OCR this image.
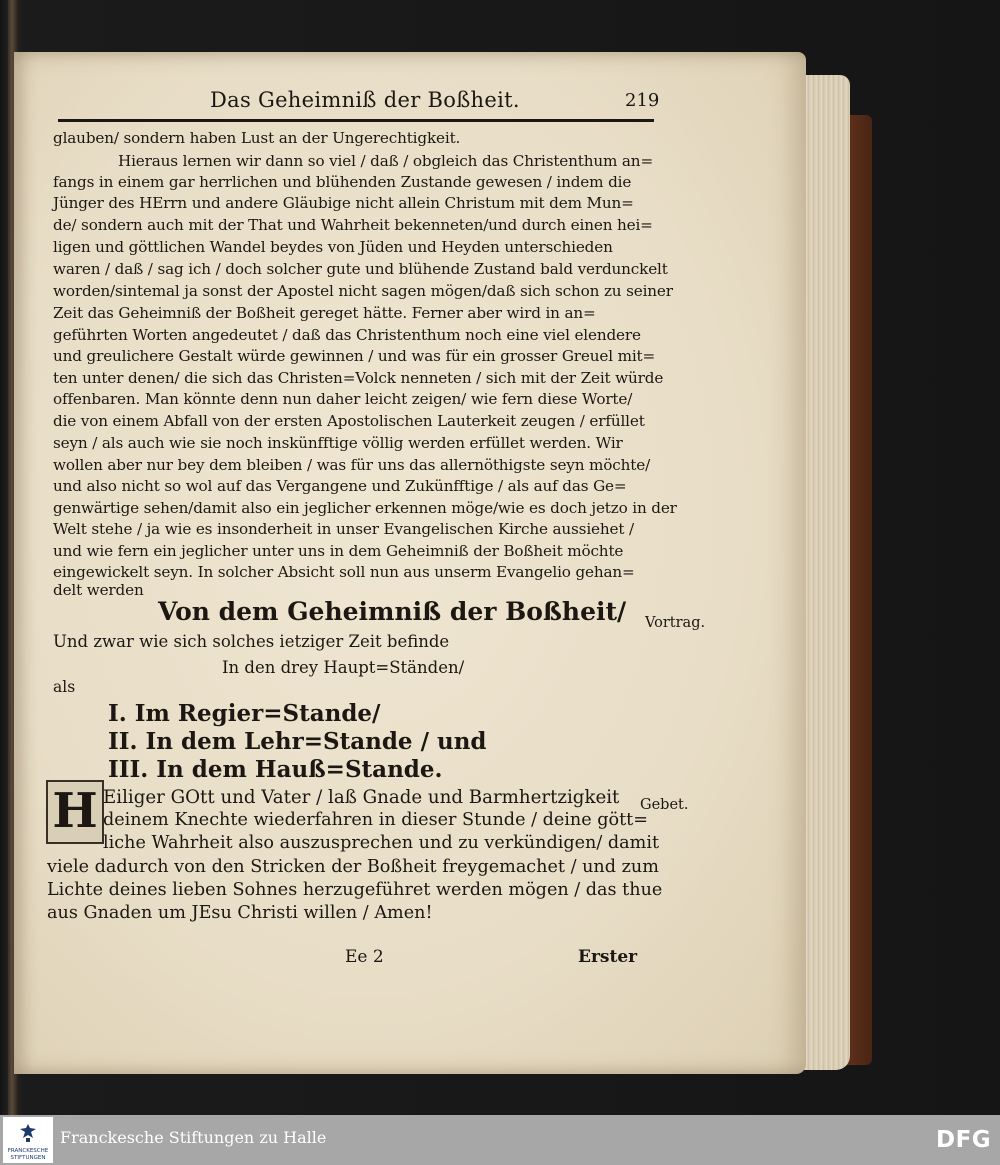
Das Geheimniß der Boßheit.	219
glauben/ sondern haben Lust an der Ungerechtigkeit.
Hieraus lernen wir dann so viel / daß / obgleich das Christenthum an=
fangs in einem gar herrlichen und blühenden Zustande gewesen / indem die
Jünger des HErrn und andere Gläubige nicht allein Christum mit dem Mun=
de/ sondern auch mit der That und Wahrheit bekenneten/und durch einen hei=
ligen und göttlichen Wandel beydes von Jüden und Heyden unterschieden
waren / daß / sag ich / doch solcher gute und blühende Zustand bald verdunckelt
worden/sintemal ja sonst der Apostel nicht sagen mögen/daß sich schon zu seiner
Zeit das Geheimniß der Boßheit gereget hätte. Ferner aber wird in an=
geführten Worten angedeutet / daß das Christenthum noch eine viel elendere
und greulichere Gestalt würde gewinnen / und was für ein grosser Greuel mit=
ten unter denen/ die sich das Christen=Volck nenneten / sich mit der Zeit würde
offenbaren. Man könnte denn nun daher leicht zeigen/ wie fern diese Worte/
die von einem Abfall von der ersten Apostolischen Lauterkeit zeugen / erfüllet
seyn / als auch wie sie noch inskünfftige völlig werden erfüllet werden. Wir
wollen aber nur bey dem bleiben / was für uns das allernöthigste seyn möchte/
und also nicht so wol auf das Vergangene und Zukünfftige / als auf das Ge=
genwärtige sehen/damit also ein jeglicher erkennen möge/wie es doch jetzo in der
Welt stehe / ja wie es insonderheit in unser Evangelischen Kirche aussiehet /
und wie fern ein jeglicher unter uns in dem Geheimniß der Boßheit möchte
eingewickelt seyn. In solcher Absicht soll nun aus unserm Evangelio gehan=
delt werden
Von dem Geheimniß der Boßheit/ Vortrag.
Und zwar wie sich solches ietziger Zeit befinde
In den drey Haupt=Ständen/
als
I. Im Regier=Stande/
II. In dem Lehr=Stande / und
III. In dem Hauß=Stande.
H	Gebet.
Eiliger GOtt und Vater / laß Gnade und Barmhertzigkeit
deinem Knechte wiederfahren in dieser Stunde / deine gött=
liche Wahrheit also auszusprechen und zu verkündigen/ damit
viele dadurch von den Stricken der Boßheit freygemachet / und zum
Lichte deines lieben Sohnes herzugeführet werden mögen / das thue
aus Gnaden um JEsu Christi willen / Amen!
Ee 2	Erster
FRANCKESCHE STIFTUNGEN
Franckesche Stiftungen zu Halle	DFG
